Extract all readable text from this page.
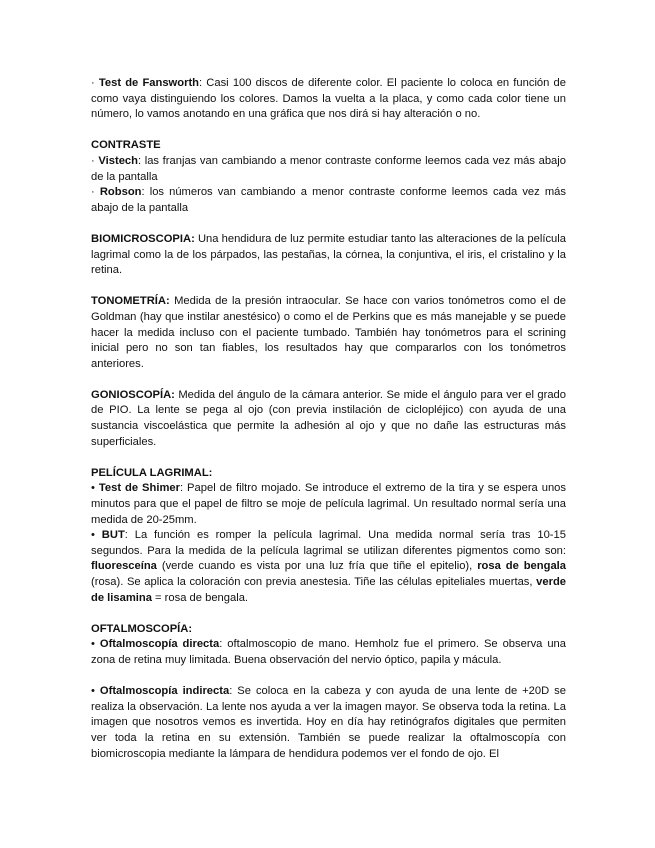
· Test de Fansworth: Casi 100 discos de diferente color. El paciente lo coloca en función de como vaya distinguiendo los colores. Damos la vuelta a la placa, y como cada color tiene un número, lo vamos anotando en una gráfica que nos dirá si hay alteración o no.

CONTRASTE

· Vistech: las franjas van cambiando a menor contraste conforme leemos cada vez más abajo de la pantalla

· Robson: los números van cambiando a menor contraste conforme leemos cada vez más abajo de la pantalla

BIOMICROSCOPIA: Una hendidura de luz permite estudiar tanto las alteraciones de la película lagrimal como la de los párpados, las pestañas, la córnea, la conjuntiva, el iris, el cristalino y la retina.

TONOMETRÍA: Medida de la presión intraocular. Se hace con varios tonómetros como el de Goldman (hay que instilar anestésico) o como el de Perkins que es más manejable y se puede hacer la medida incluso con el paciente tumbado. También hay tonómetros para el scrining inicial pero no son tan fiables, los resultados hay que compararlos con los tonómetros anteriores.

GONIOSCOPÍA: Medida del ángulo de la cámara anterior. Se mide el ángulo para ver el grado de PIO. La lente se pega al ojo (con previa instilación de ciclopléjico) con ayuda de una sustancia viscoelástica que permite la adhesión al ojo y que no dañe las estructuras más superficiales.

PELÍCULA LAGRIMAL:

• Test de Shimer: Papel de filtro mojado. Se introduce el extremo de la tira y se espera unos minutos para que el papel de filtro se moje de película lagrimal. Un resultado normal sería una medida de 20-25mm.

• BUT: La función es romper la película lagrimal. Una medida normal sería tras 10-15 segundos. Para la medida de la película lagrimal se utilizan diferentes pigmentos como son: fluoresceína (verde cuando es vista por una luz fría que tiñe el epitelio), rosa de bengala (rosa). Se aplica la coloración con previa anestesia. Tiñe las células epiteliales muertas, verde de lisamina = rosa de bengala.

OFTALMOSCOPÍA:

• Oftalmoscopía directa: oftalmoscopio de mano. Hemholz fue el primero. Se observa una zona de retina muy limitada. Buena observación del nervio óptico, papila y mácula.

• Oftalmoscopía indirecta: Se coloca en la cabeza y con ayuda de una lente de +20D se realiza la observación. La lente nos ayuda a ver la imagen mayor. Se observa toda la retina. La imagen que nosotros vemos es invertida. Hoy en día hay retinógrafos digitales que permiten ver toda la retina en su extensión. También se puede realizar la oftalmoscopía con biomicroscopia mediante la lámpara de hendidura podemos ver el fondo de ojo. El
